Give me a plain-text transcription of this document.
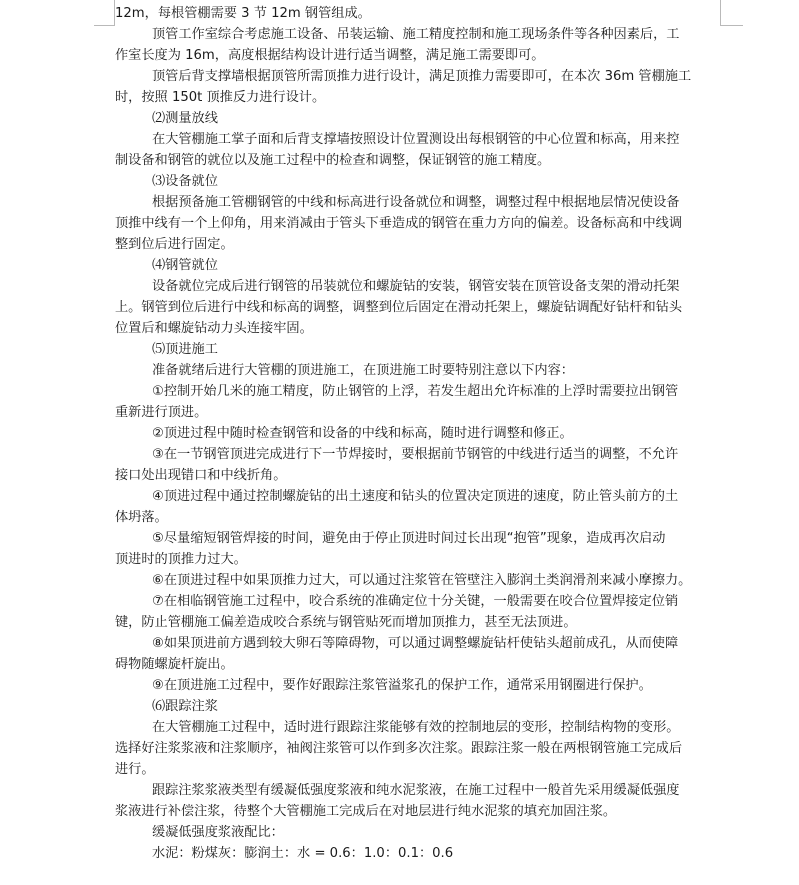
12m，每根管棚需要 3 节 12m 钢管组成。
顶管工作室综合考虑施工设备、吊装运输、施工精度控制和施工现场条件等各种因素后，工
作室长度为 16m，高度根据结构设计进行适当调整，满足施工需要即可。
顶管后背支撑墙根据顶管所需顶推力进行设计，满足顶推力需要即可，在本次 36m 管棚施工
时，按照 150t 顶推反力进行设计。
⑵测量放线
在大管棚施工掌子面和后背支撑墙按照设计位置测设出每根钢管的中心位置和标高，用来控
制设备和钢管的就位以及施工过程中的检查和调整，保证钢管的施工精度。
⑶设备就位
根据预备施工管棚钢管的中线和标高进行设备就位和调整，调整过程中根据地层情况使设备
顶推中线有一个上仰角，用来消减由于管头下垂造成的钢管在重力方向的偏差。设备标高和中线调
整到位后进行固定。
⑷钢管就位
设备就位完成后进行钢管的吊装就位和螺旋钻的安装，钢管安装在顶管设备支架的滑动托架
上。钢管到位后进行中线和标高的调整，调整到位后固定在滑动托架上，螺旋钻调配好钻杆和钻头
位置后和螺旋钻动力头连接牢固。
⑸顶进施工
准备就绪后进行大管棚的顶进施工，在顶进施工时要特别注意以下内容：
①控制开始几米的施工精度，防止钢管的上浮，若发生超出允许标准的上浮时需要拉出钢管
重新进行顶进。
②顶进过程中随时检查钢管和设备的中线和标高，随时进行调整和修正。
③在一节钢管顶进完成进行下一节焊接时，要根据前节钢管的中线进行适当的调整，不允许
接口处出现错口和中线折角。
④顶进过程中通过控制螺旋钻的出土速度和钻头的位置决定顶进的速度，防止管头前方的土
体坍落。
⑤尽量缩短钢管焊接的时间，避免由于停止顶进时间过长出现“抱管”现象，造成再次启动
顶进时的顶推力过大。
⑥在顶进过程中如果顶推力过大，可以通过注浆管在管壁注入膨润土类润滑剂来减小摩擦力。
⑦在相临钢管施工过程中，咬合系统的准确定位十分关键，一般需要在咬合位置焊接定位销
键，防止管棚施工偏差造成咬合系统与钢管贴死而增加顶推力，甚至无法顶进。
⑧如果顶进前方遇到较大卵石等障碍物，可以通过调整螺旋钻杆使钻头超前成孔，从而使障
碍物随螺旋杆旋出。
⑨在顶进施工过程中，要作好跟踪注浆管溢浆孔的保护工作，通常采用钢圈进行保护。
⑹跟踪注浆
在大管棚施工过程中，适时进行跟踪注浆能够有效的控制地层的变形，控制结构物的变形。
选择好注浆浆液和注浆顺序，袖阀注浆管可以作到多次注浆。跟踪注浆一般在两根钢管施工完成后
进行。
跟踪注浆浆液类型有缓凝低强度浆液和纯水泥浆液，在施工过程中一般首先采用缓凝低强度
浆液进行补偿注浆，待整个大管棚施工完成后在对地层进行纯水泥浆的填充加固注浆。
缓凝低强度浆液配比：
水泥：粉煤灰：膨润土：水 = 0.6：1.0：0.1：0.6
